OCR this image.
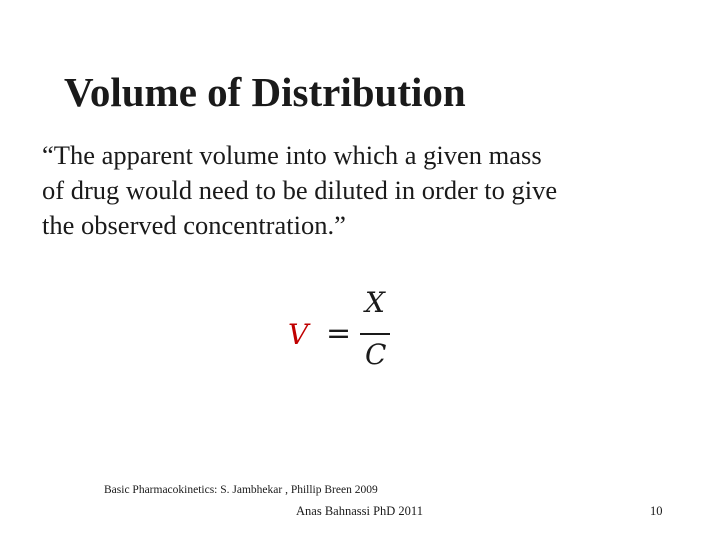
Volume of Distribution
“The apparent volume into which a given mass
of drug would need to be diluted in order to give
the observed concentration.”
V =
X
C
Basic Pharmacokinetics: S. Jambhekar , Phillip Breen 2009
Anas Bahnassi PhD 2011	10
